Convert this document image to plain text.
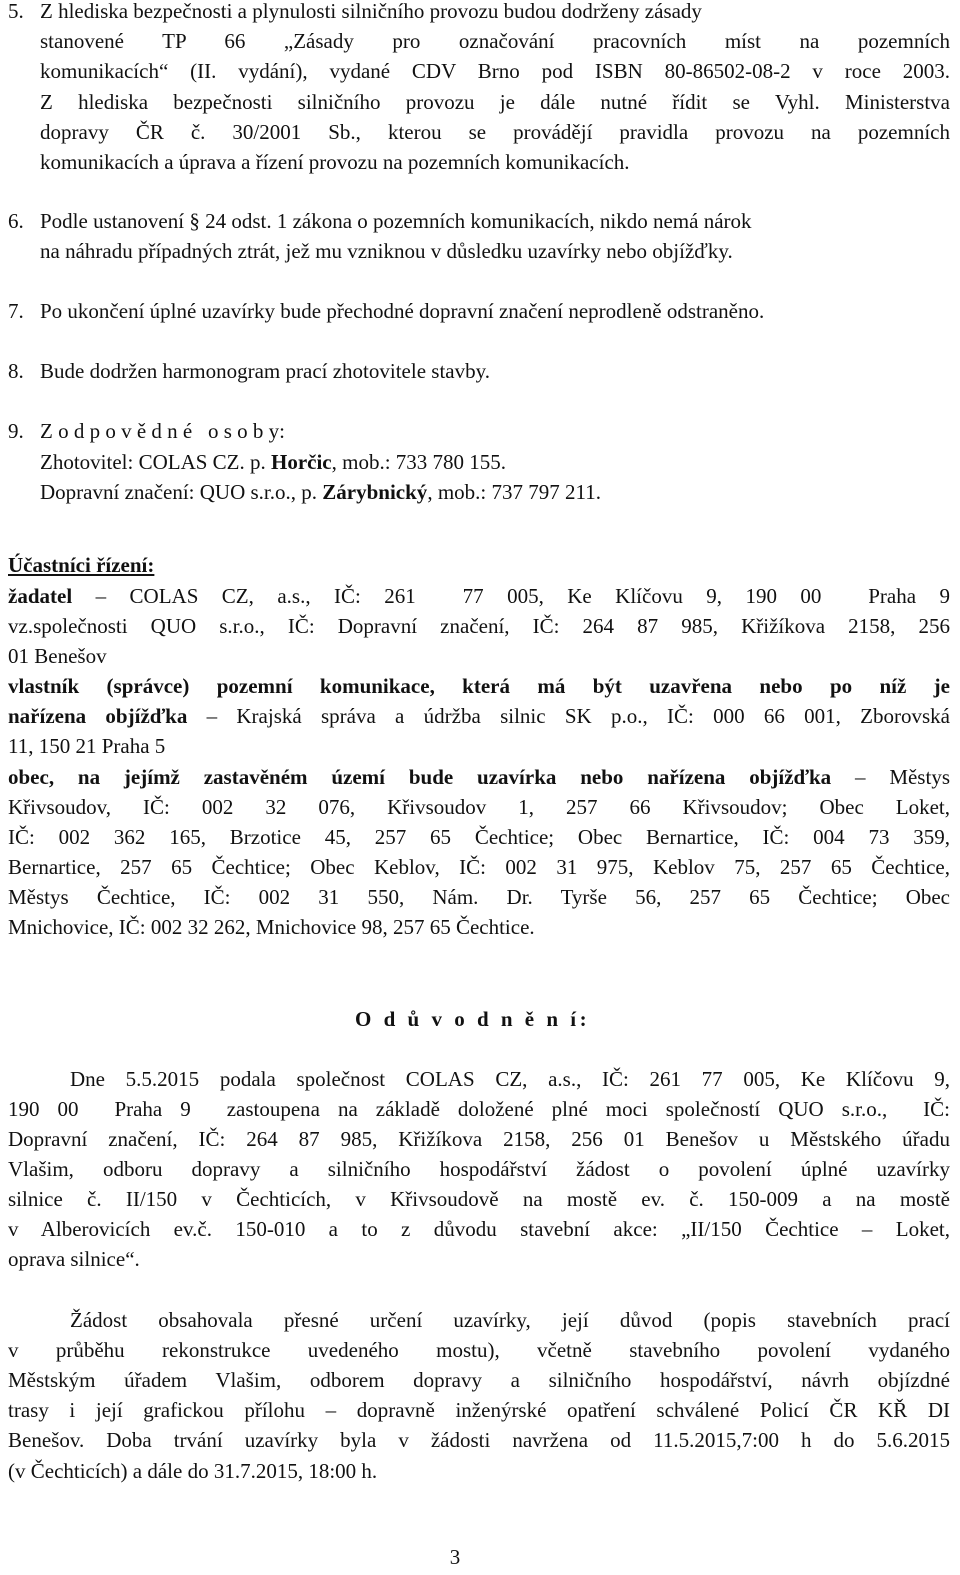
5. Z hlediska bezpečnosti a plynulosti silničního provozu budou dodrženy zásady
stanovené TP 66 „Zásady pro označování pracovních míst na pozemních
komunikacích“ (II. vydání), vydané CDV Brno pod ISBN 80-86502-08-2 v roce 2003.
Z hlediska bezpečnosti silničního provozu je dále nutné řídit se Vyhl. Ministerstva
dopravy ČR č. 30/2001 Sb., kterou se provádějí pravidla provozu na pozemních
komunikacích a úprava a řízení provozu na pozemních komunikacích.
6. Podle ustanovení § 24 odst. 1 zákona o pozemních komunikacích, nikdo nemá nárok
na náhradu případných ztrát, jež mu vzniknou v důsledku uzavírky nebo objížďky.
7. Po ukončení úplné uzavírky bude přechodné dopravní značení neprodleně odstraněno.
8. Bude dodržen harmonogram prací zhotovitele stavby.
9. Z o d p o v ě d n é   o s o b y:
Zhotovitel: COLAS CZ. p. Horčic, mob.: 733 780 155.
Dopravní značení: QUO s.r.o., p. Zárybnický, mob.: 737 797 211.
Účastníci řízení:
žadatel – COLAS CZ, a.s., IČ: 261  77 005, Ke Klíčovu 9, 190 00  Praha 9
vz.společnosti QUO s.r.o., IČ: Dopravní značení, IČ: 264 87 985, Křižíkova 2158, 256
01 Benešov
vlastník (správce) pozemní komunikace, která má být uzavřena nebo po níž je
nařízena objížďka – Krajská správa a údržba silnic SK p.o., IČ: 000 66 001, Zborovská
11, 150 21 Praha 5
obec, na jejímž zastavěném území bude uzavírka nebo nařízena objížďka – Městys
Křivsoudov, IČ: 002 32 076, Křivsoudov 1, 257 66 Křivsoudov; Obec Loket,
IČ: 002 362 165, Brzotice 45, 257 65 Čechtice; Obec Bernartice, IČ: 004 73 359,
Bernartice, 257 65 Čechtice; Obec Keblov, IČ: 002 31 975, Keblov 75, 257 65 Čechtice,
Městys Čechtice, IČ: 002 31 550, Nám. Dr. Tyrše 56, 257 65 Čechtice; Obec
Mnichovice, IČ: 002 32 262, Mnichovice 98, 257 65 Čechtice.
O d ů v o d n ě n í:
Dne 5.5.2015 podala společnost COLAS CZ, a.s., IČ: 261 77 005, Ke Klíčovu 9,
190 00  Praha 9  zastoupena na základě doložené plné moci společností QUO s.r.o.,  IČ:
Dopravní značení, IČ: 264 87 985, Křižíkova 2158, 256 01 Benešov u Městského úřadu
Vlašim, odboru dopravy a silničního hospodářství žádost o povolení úplné uzavírky
silnice č. II/150 v Čechticích, v Křivsoudově na mostě ev. č. 150-009 a na mostě
v Alberovicích ev.č. 150-010 a to z důvodu stavební akce: „II/150 Čechtice – Loket,
oprava silnice“.
Žádost obsahovala přesné určení uzavírky, její důvod (popis stavebních prací
v průběhu rekonstrukce uvedeného mostu), včetně stavebního povolení vydaného
Městským úřadem Vlašim, odborem dopravy a silničního hospodářství, návrh objízdné
trasy i její grafickou přílohu – dopravně inženýrské opatření schválené Policí ČR KŘ DI
Benešov. Doba trvání uzavírky byla v žádosti navržena od 11.5.2015,7:00 h do 5.6.2015
(v Čechticích) a dále do 31.7.2015, 18:00 h.
3
